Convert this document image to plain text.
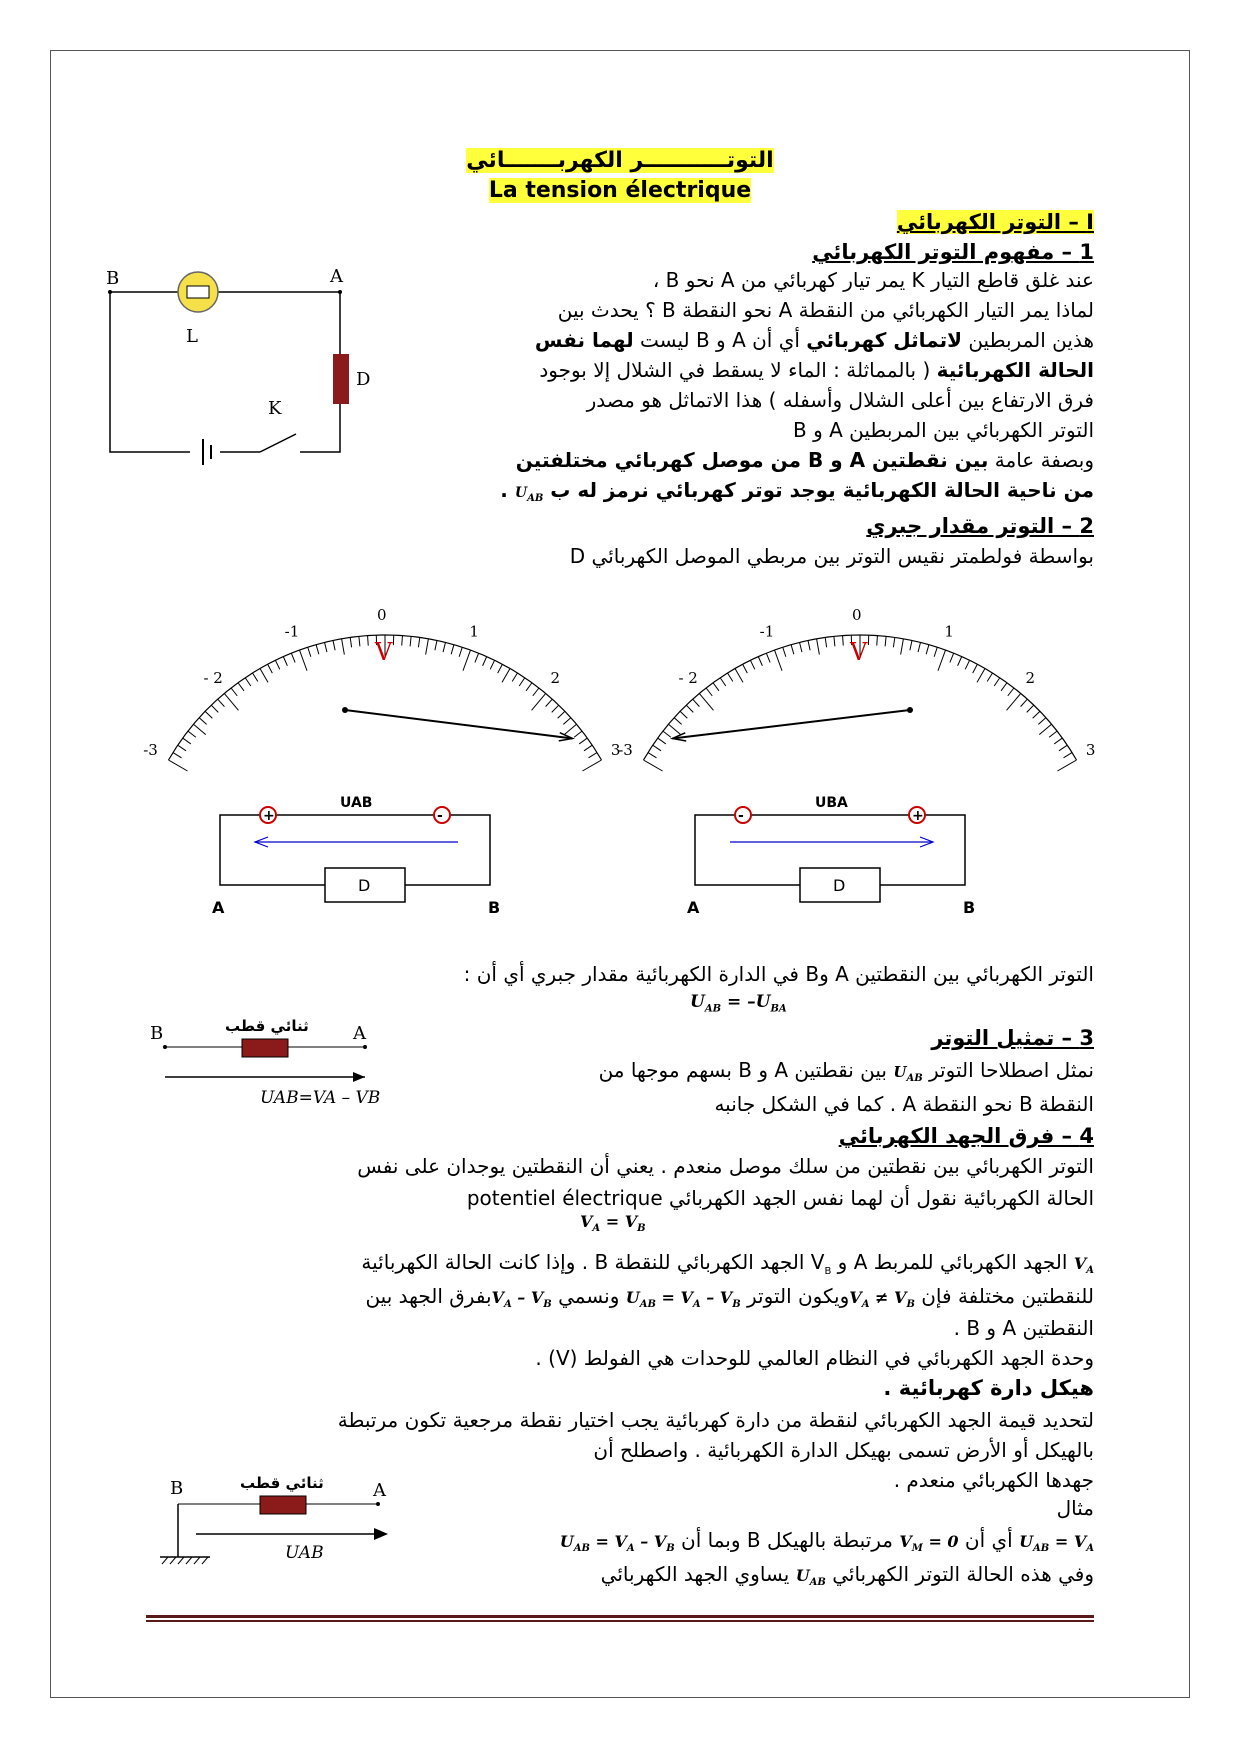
التوتـــــــــــر الكهربـــــــائي
La tension électrique
I – التوتر الكهربائي
1 – مفهوم التوتر الكهربائي
عند غلق قاطع التيار K يمر تيار كهربائي من A نحو B ،
لماذا يمر التيار الكهربائي من النقطة A نحو النقطة B ؟ يحدث بين
هذين المربطين لاتماثل كهربائي أي أن A و B ليست لهما نفس
الحالة الكهربائية ( بالمماثلة : الماء لا يسقط في الشلال إلا بوجود
فرق الارتفاع بين أعلى الشلال وأسفله ) هذا الاتماثل هو مصدر
التوتر الكهربائي بين المربطين A و B
وبصفة عامة بين نقطتين A و B من موصل كهربائي مختلفتين
من ناحية الحالة الكهربائية يوجد توتر كهربائي نرمز له ب $U_{AB}$ .
2 – التوتر مقدار جبري
بواسطة فولطمتر نقيس التوتر بين مربطي الموصل الكهربائي D
B	A
L
D
K
-3
-1
- 2
0
1
2
3
V
D
+	-
UAB
A	B
-3
-1
- 2
0
1
2
3
V
D
-	+
UBA
A	B
التوتر الكهربائي بين النقطتين A وB في الدارة الكهربائية مقدار جبري أي أن :
$U_{AB} = -U_{BA}$
3 – تمثيل التوتر
نمثل اصطلاحا التوتر $U_{AB}$ بين نقطتين A و B بسهم موجها من
النقطة B نحو النقطة A . كما في الشكل جانبه
ثنائي قطب
B	A
UAB=VA – VB
4 – فرق الجهد الكهربائي
التوتر الكهربائي بين نقطتين من سلك موصل منعدم . يعني أن النقطتين يوجدان على نفس
الحالة الكهربائية نقول أن لهما نفس الجهد الكهربائي potentiel électrique
$V_A = V_B$
$V_A$ الجهد الكهربائي للمربط A و $V_B$ الجهد الكهربائي للنقطة B . وإذا كانت الحالة الكهربائية
للنقطتين مختلفة فإن $V_A$ ≠ $V_Bويكون$ التوتر $U_{AB} = V_A - V_B$ ونسمي $V_A$ – $V_Bبفرق$ الجهد بين
النقطتين A و B .
وحدة الجهد الكهربائي في النظام العالمي للوحدات هي الفولط (V) .
هيكل دارة كهربائية .
لتحديد قيمة الجهد الكهربائي لنقطة من دارة كهربائية يجب اختيار نقطة مرجعية تكون مرتبطة
بالهيكل أو الأرض تسمى بهيكل الدارة الكهربائية . واصطلح أن
جهدها الكهربائي منعدم .
مثال
$U_{AB} = V_A$ أي أن $V_M = 0$ مرتبطة بالهيكل B وبما أن $U_{AB} = V_A - V_B$
وفي هذه الحالة التوتر الكهربائي $U_{AB}$ يساوي الجهد الكهربائي
ثنائي قطب
B	A
UAB
